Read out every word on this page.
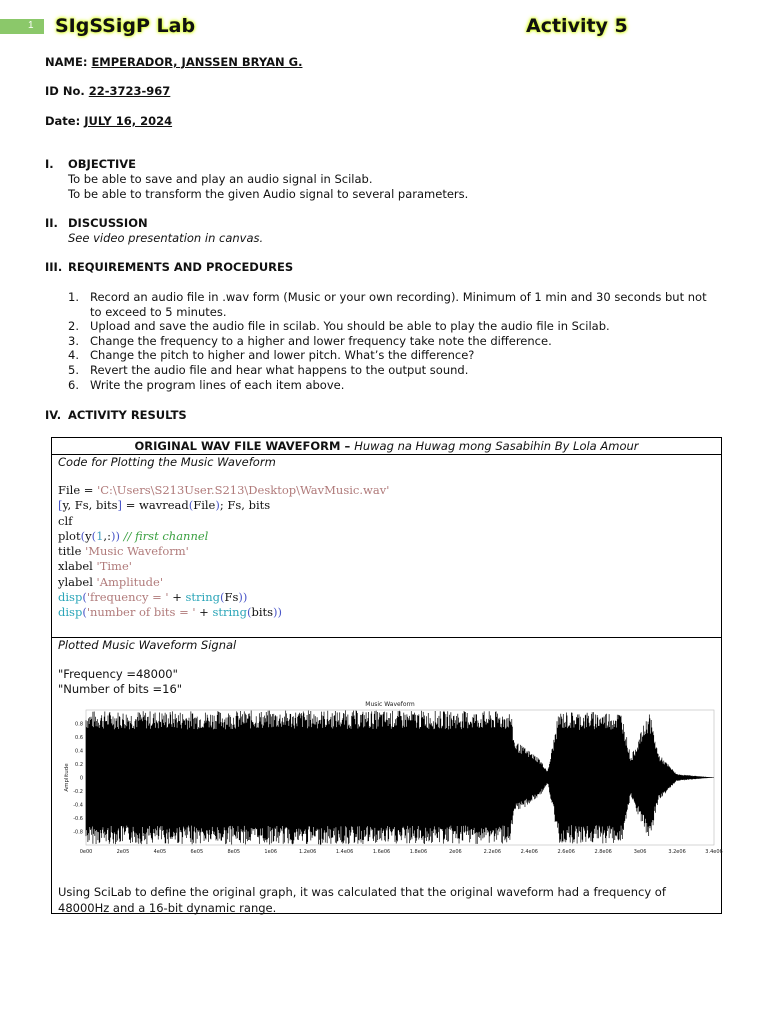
1 SIgSSigP Lab	Activity 5
NAME: EMPERADOR, JANSSEN BRYAN G.
ID No. 22-3723-967
Date: JULY 16, 2024
I. OBJECTIVE
To be able to save and play an audio signal in Scilab.
To be able to transform the given Audio signal to several parameters.
II. DISCUSSION
See video presentation in canvas.
III. REQUIREMENTS AND PROCEDURES
1. Record an audio file in .wav form (Music or your own recording). Minimum of 1 min and 30 seconds but not to exceed to 5 minutes.
2. Upload and save the audio file in scilab. You should be able to play the audio file in Scilab.
3. Change the frequency to a higher and lower frequency take note the difference.
4. Change the pitch to higher and lower pitch. What’s the difference?
5. Revert the audio file and hear what happens to the output sound.
6. Write the program lines of each item above.
IV. ACTIVITY RESULTS
ORIGINAL WAV FILE WAVEFORM – Huwag na Huwag mong Sasabihin By Lola Amour
Code for Plotting the Music Waveform
File = 'C:\Users\S213User.S213\Desktop\WavMusic.wav'
[y, Fs, bits] = wavread(File); Fs, bits
clf
plot(y(1,:)) // first channel
title 'Music Waveform'
xlabel 'Time'
ylabel 'Amplitude'
disp('frequency = ' + string(Fs))
disp('number of bits = ' + string(bits))
Plotted Music Waveform Signal
"Frequency =48000"
"Number of bits =16"
Music Waveform
Amplitude
0.8
0.6
0.4
0.2
0
-0.2
-0.4
-0.6
-0.8
0e00	2e05	4e05	6e05	8e05	1e06	1.2e06	1.4e06	1.6e06	1.8e06	2e06	2.2e06	2.4e06	2.6e06	2.8e06	3e06	3.2e06	3.4e06
Using SciLab to define the original graph, it was calculated that the original waveform had a frequency of 48000Hz and a 16-bit dynamic range.
